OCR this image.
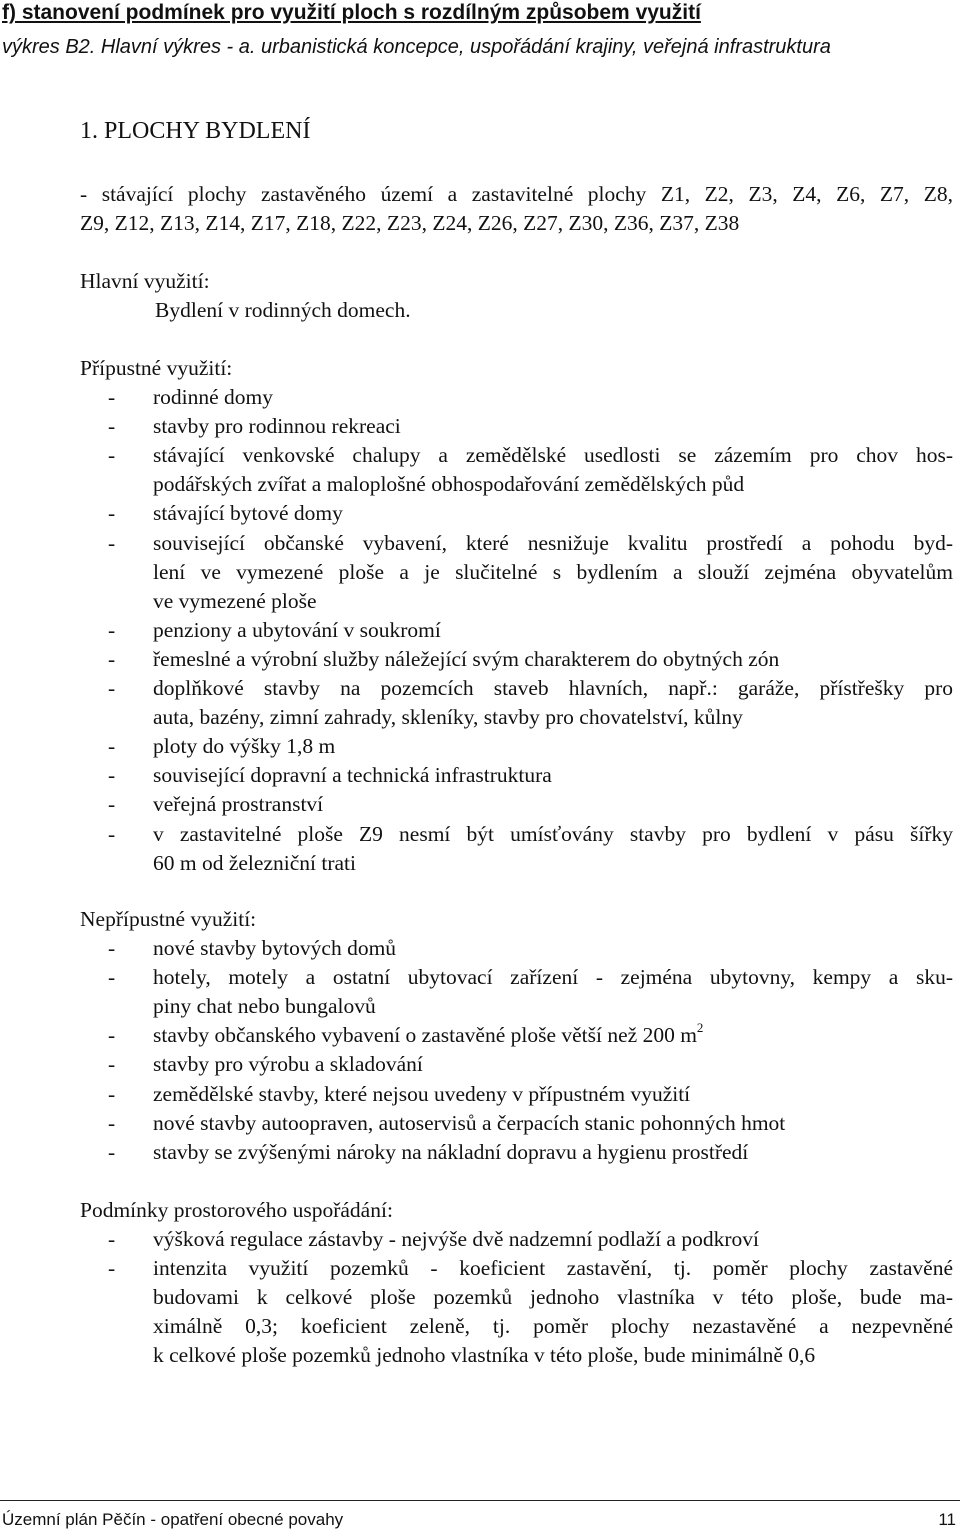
f) stanovení podmínek pro využití ploch s rozdílným způsobem využití
výkres B2. Hlavní výkres - a. urbanistická koncepce, uspořádání krajiny, veřejná infrastruktura
1. PLOCHY BYDLENÍ
- stávající plochy zastavěného území a zastavitelné plochy Z1, Z2, Z3, Z4, Z6, Z7, Z8,
Z9, Z12, Z13, Z14, Z17, Z18, Z22, Z23, Z24, Z26, Z27, Z30, Z36, Z37, Z38
Hlavní využití:
Bydlení v rodinných domech.
Přípustné využití:
- rodinné domy
- stavby pro rodinnou rekreaci
- stávající venkovské chalupy a zemědělské usedlosti se zázemím pro chov hos-
podářských zvířat a maloplošné obhospodařování zemědělských půd
- stávající bytové domy
- související občanské vybavení, které nesnižuje kvalitu prostředí a pohodu byd-
lení ve vymezené ploše a je slučitelné s bydlením a slouží zejména obyvatelům
ve vymezené ploše
- penziony a ubytování v soukromí
- řemeslné a výrobní služby náležející svým charakterem do obytných zón
- doplňkové stavby na pozemcích staveb hlavních, např.: garáže, přístřešky pro
auta, bazény, zimní zahrady, skleníky, stavby pro chovatelství, kůlny
- ploty do výšky 1,8 m
- související dopravní a technická infrastruktura
- veřejná prostranství
- v zastavitelné ploše Z9 nesmí být umísťovány stavby pro bydlení v pásu šířky
60 m od železniční trati
Nepřípustné využití:
- nové stavby bytových domů
- hotely, motely a ostatní ubytovací zařízení - zejména ubytovny, kempy a sku-
piny chat nebo bungalovů
- stavby občanského vybavení o zastavěné ploše větší než 200 $m^2$
- stavby pro výrobu a skladování
- zemědělské stavby, které nejsou uvedeny v přípustném využití
- nové stavby autoopraven, autoservisů a čerpacích stanic pohonných hmot
- stavby se zvýšenými nároky na nákladní dopravu a hygienu prostředí
Podmínky prostorového uspořádání:
- výšková regulace zástavby - nejvýše dvě nadzemní podlaží a podkroví
- intenzita využití pozemků - koeficient zastavění, tj. poměr plochy zastavěné
budovami k celkové ploše pozemků jednoho vlastníka v této ploše, bude ma-
ximálně 0,3; koeficient zeleně, tj. poměr plochy nezastavěné a nezpevněné
k celkové ploše pozemků jednoho vlastníka v této ploše, bude minimálně 0,6
Územní plán Pěčín - opatření obecné povahy	11
